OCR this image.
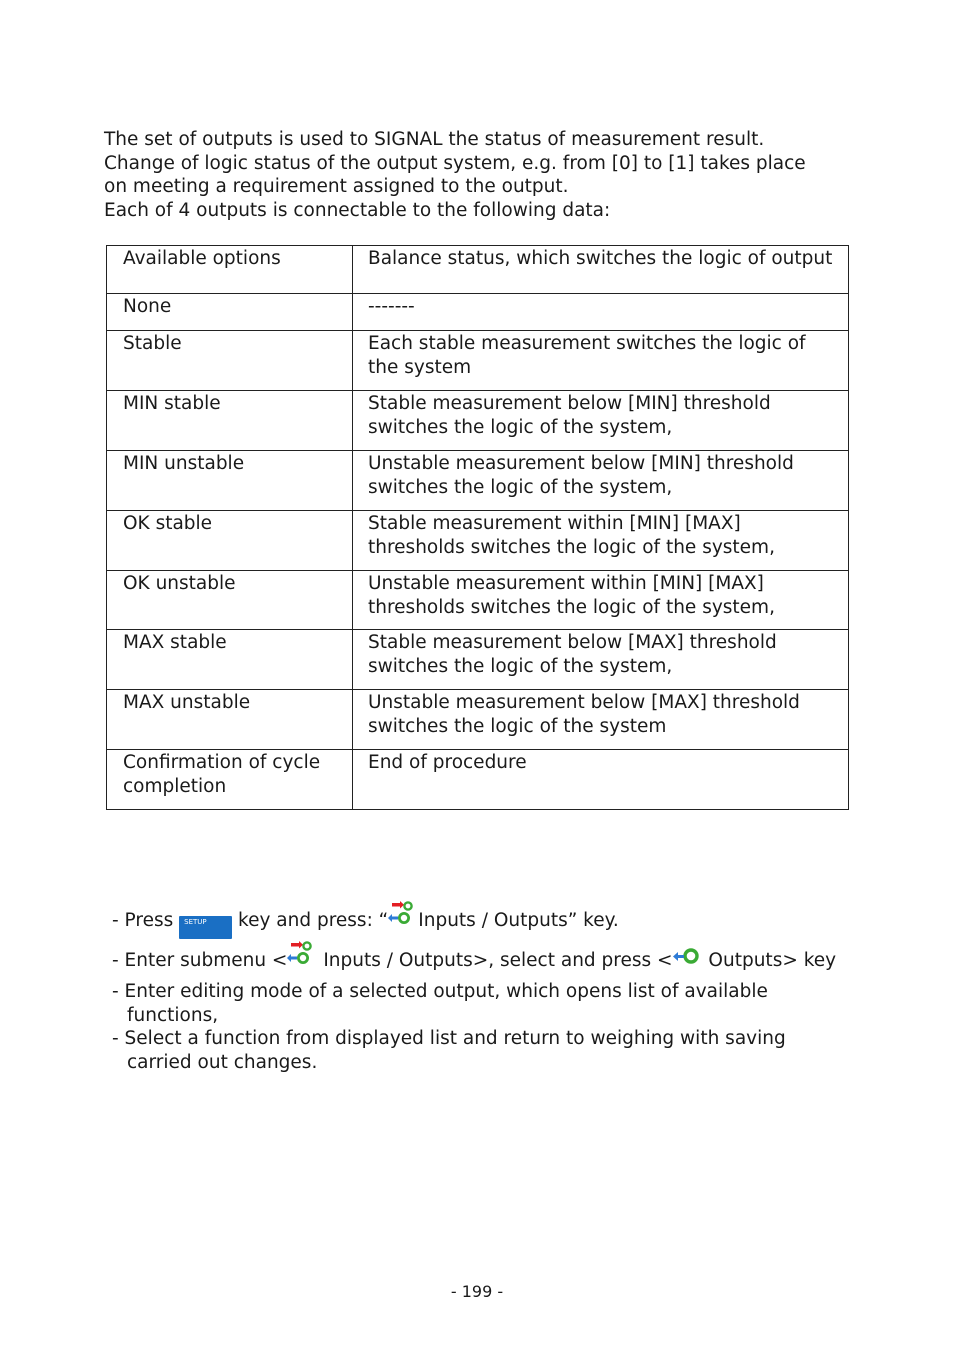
The set of outputs is used to SIGNAL the status of measurement result.

Change of logic status of the output system, e.g. from [0] to [1] takes place

on meeting a requirement assigned to the output.

Each of 4 outputs is connectable to the following data:

Available options	Balance status, which switches the logic of output
None	-------
Stable	Each stable measurement switches the logic of the system
MIN stable	Stable measurement below [MIN] threshold switches the logic of the system,
MIN unstable	Unstable measurement below [MIN] threshold switches the logic of the system,
OK stable	Stable measurement within [MIN] [MAX] thresholds switches the logic of the system,
OK unstable	Unstable measurement within [MIN] [MAX] thresholds switches the logic of the system,
MAX stable	Stable measurement below [MAX] threshold switches the logic of the system,
MAX unstable	Unstable measurement below [MAX] threshold switches the logic of the system
Confirmation of cycle completion	End of procedure
- Press SETUP key and press: “ Inputs / Outputs” key.
- Enter submenu < Inputs / Outputs>, select and press < Outputs> key
- Enter editing mode of a selected output, which opens list of available
functions,
- Select a function from displayed list and return to weighing with saving
carried out changes.
- 199 -
